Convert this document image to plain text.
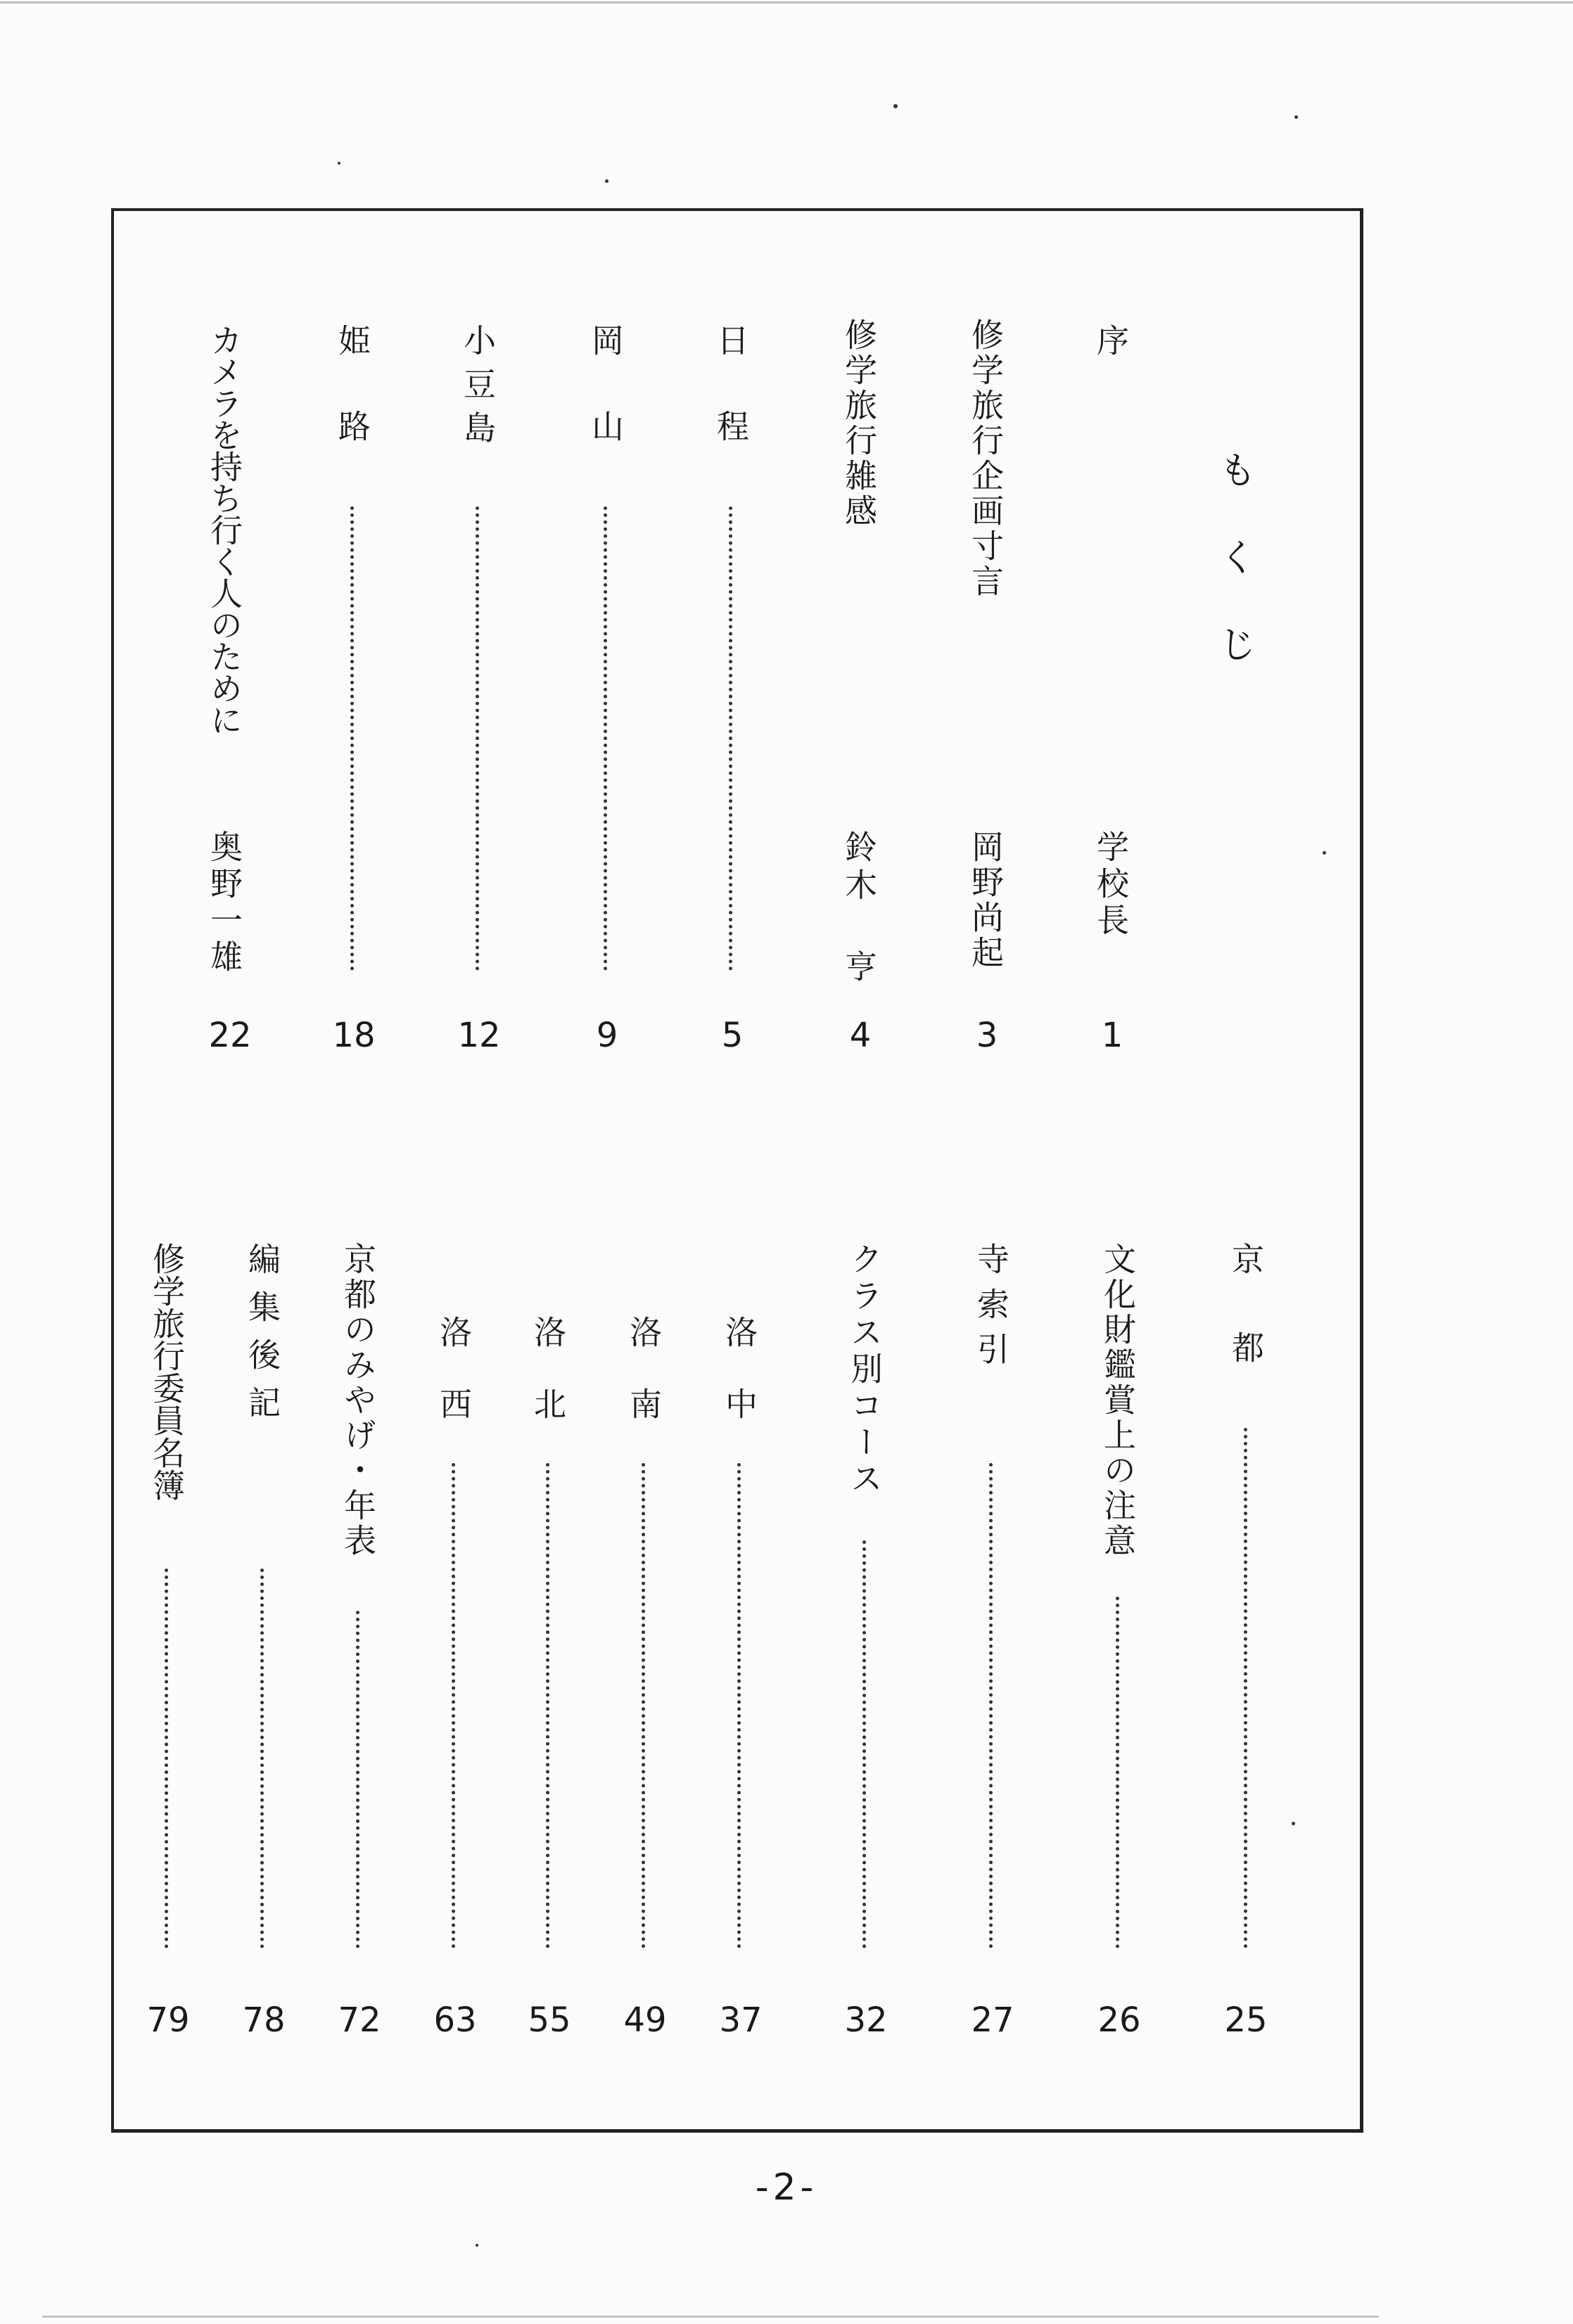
もくじ
序
学校長
1
修学旅行企画寸言
岡野尚起
3
修学旅行雑感
鈴木 亨
4
日程
5
岡山
9
小豆島
12
姫路
18
カメラを持ち行く人のために
奥野一雄
22
京都
25
文化財鑑賞上の注意
26
寺索引
27
クラス別コース
32
洛中
37
洛南
49
洛北
55
洛西
63
京都のみやげ・年表
72
編集後記
78
修学旅行委員名簿
79
-2-
